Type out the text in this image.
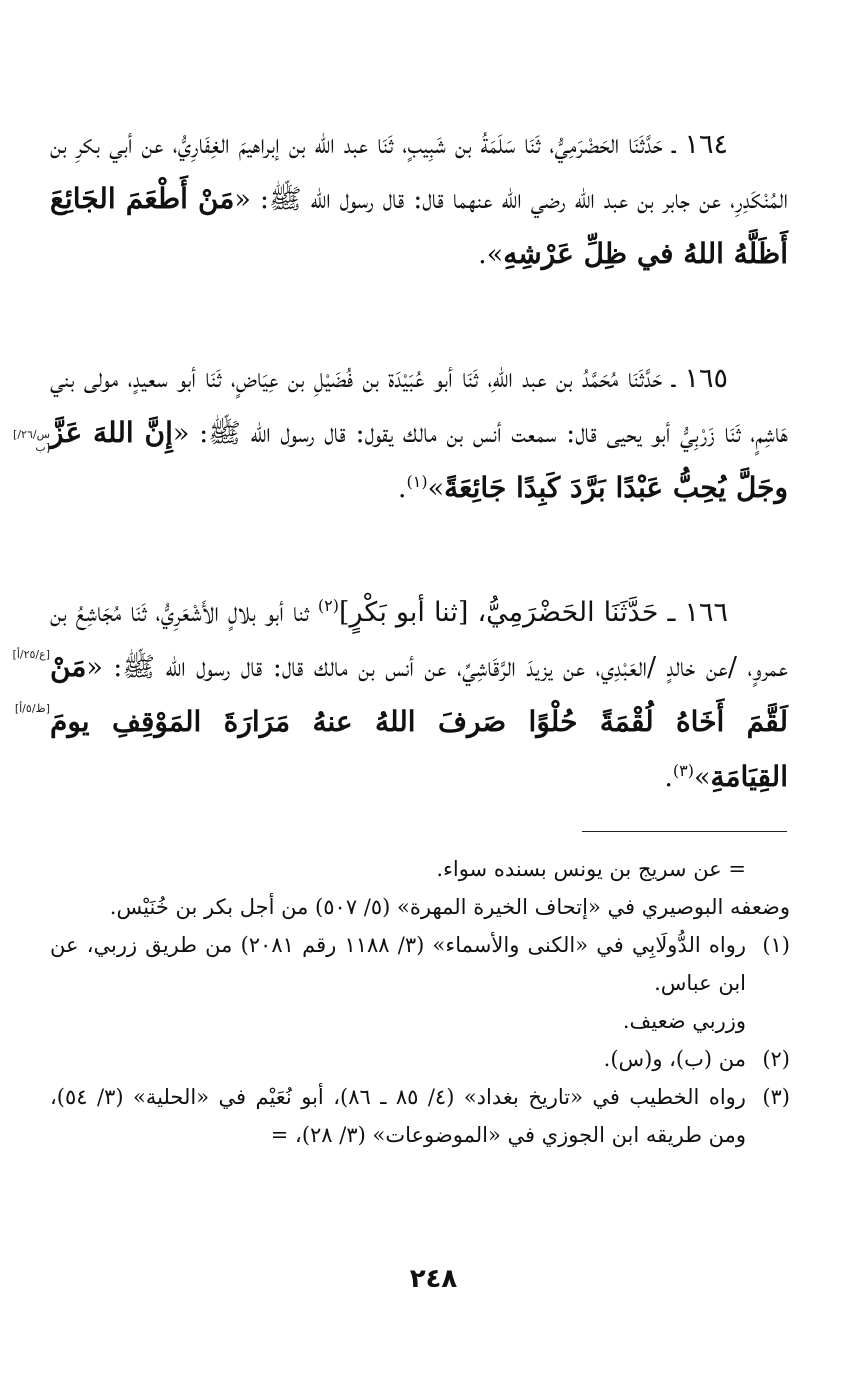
١٦٤ ـ حَدَّثَنَا الحَضْرَمِيُّ، ثَنَا سَلَمَةُ بن شَبِيبٍ، ثَنَا عبد الله بن إبراهيمَ الغِفَارِيُّ، عن أبي بكرِ بن المُنْكَدِرِ، عن جابر بن عبد الله رضي الله عنهما قال: قال رسول الله ﷺ: «مَنْ أَطْعَمَ الجَائِعَ أَظَلَّهُ اللهُ في ظِلِّ عَرْشِهِ».
١٦٥ ـ حَدَّثَنَا مُحَمَّدُ بن عبد اللهِ، ثَنَا أبو عُبَيْدَة بن فُضَيْلِ بن عِيَاضٍ، ثَنَا أبو سعيدٍ، مولى بني هَاشِمٍ، ثَنَا زَرْبِيُّ أبو يحيى قال: سمعت أنس بن مالك يقول: قال رسول الله ﷺ: «إِنَّ اللهَ عَزَّ وجَلَّ يُحِبُّ عَبْدًا بَرَّدَ كَبِدًا جَائِعَةً»$^{(١)}$.
١٦٦ ـ حَدَّثَنَا الحَضْرَمِيُّ، [ثنا أبو بَكْرٍ]$^{(٢)}$ ثنا أبو بلالٍ الأَشْعَرِيُّ، ثَنَا مُجَاشِعُ بن عمروٍ، /عن خالدٍ /العَبْدِي، عن يزيدَ الرَّقَاشِيِّ، عن أنس بن مالك قال: قال رسول الله ﷺ: «مَنْ لَقَّمَ أَخَاهُ لُقْمَةً حُلْوًا صَرفَ اللهُ عنهُ مَرَارَةَ المَوْقِفِ يومَ القِيَامَةِ»$^{(٣)}$.
[س/٢٦/ب]
[ع/٢٥/أ]
[ظ/٥/أ]
= عن سريج بن يونس بسنده سواء.
وضعفه البوصيري في «إتحاف الخيرة المهرة» (٥/ ٥٠٧) من أجل بكر بن خُنَيْس.
(١)
رواه الدُّولَابِي في «الكنى والأسماء» (٣/ ١١٨٨ رقم ٢٠٨١) من طريق زربي، عن ابن عباس.
وزربي ضعيف.
(٢)
من (ب)، و(س).
(٣)
رواه الخطيب في «تاريخ بغداد» (٤/ ٨٥ ـ ٨٦)، أبو نُعَيْم في «الحلية» (٣/ ٥٤)، ومن طريقه ابن الجوزي في «الموضوعات» (٣/ ٢٨)، =
٢٤٨
